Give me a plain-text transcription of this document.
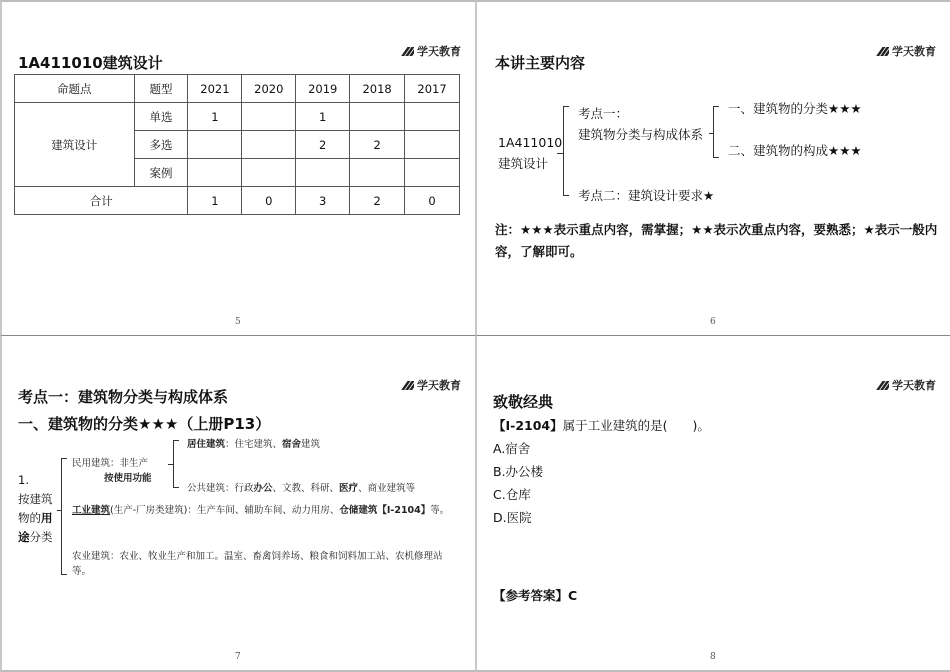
学天教育
1A411010建筑设计
命题点	题型	2021	2020	2019	2018	2017
建筑设计	单选	1		1		
	多选			2	2	
	案例					
合计		1	0	3	2	0
5
学天教育
本讲主要内容
1A411010
建筑设计
考点一：
建筑物分类与构成体系
一、建筑物的分类★★★
二、建筑物的构成★★★
考点二：建筑设计要求★
注：★★★表示重点内容，需掌握；★★表示次重点内容，要熟悉；★表示一般内容，了解即可。
6
学天教育
考点一：建筑物分类与构成体系
一、建筑物的分类★★★（上册P13）
1.
按建筑
物的用
途分类
民用建筑：非生产
按使用功能
居住建筑：住宅建筑、宿舍建筑
公共建筑：行政办公、文教、科研、医疗、商业建筑等
工业建筑(生产-厂房类建筑)：生产车间、辅助车间、动力用房、仓储建筑【Ⅰ-2104】等。
农业建筑：农业、牧业生产和加工。温室、畜禽饲养场、粮食和饲料加工站、农机修理站等。
7
学天教育
致敬经典
【Ⅰ-2104】属于工业建筑的是(　　)。
A.宿舍
B.办公楼
C.仓库
D.医院
【参考答案】C
8
